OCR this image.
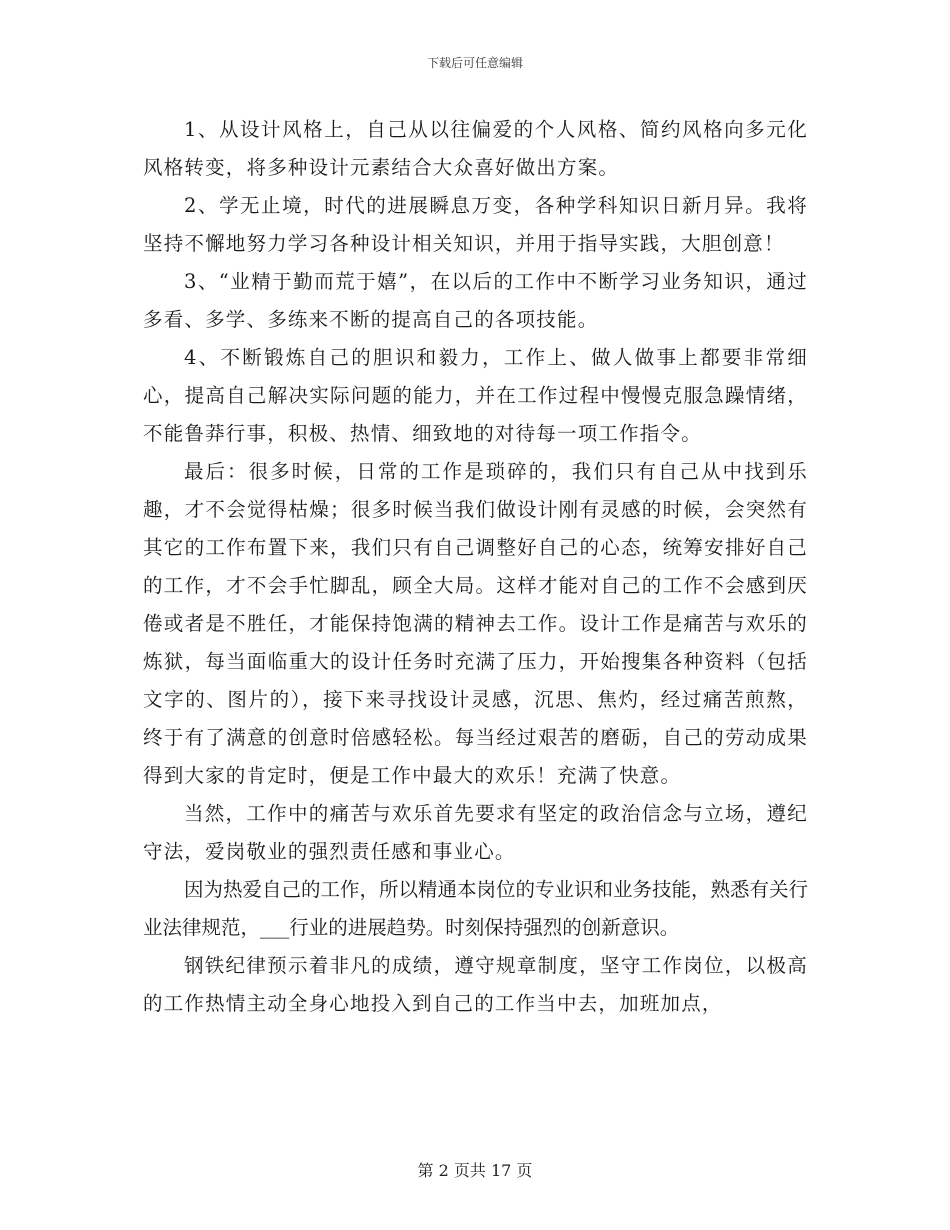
下载后可任意编辑

1、从设计风格上，自己从以往偏爱的个人风格、简约风格向多元化风格转变，将多种设计元素结合大众喜好做出方案。

2、学无止境，时代的进展瞬息万变，各种学科知识日新月异。我将坚持不懈地努力学习各种设计相关知识，并用于指导实践，大胆创意！

3、“业精于勤而荒于嬉”，在以后的工作中不断学习业务知识，通过多看、多学、多练来不断的提高自己的各项技能。

4、不断锻炼自己的胆识和毅力，工作上、做人做事上都要非常细心，提高自己解决实际问题的能力，并在工作过程中慢慢克服急躁情绪，不能鲁莽行事，积极、热情、细致地的对待每一项工作指令。

最后：很多时候，日常的工作是琐碎的，我们只有自己从中找到乐趣，才不会觉得枯燥；很多时候当我们做设计刚有灵感的时候，会突然有其它的工作布置下来，我们只有自己调整好自己的心态，统筹安排好自己的工作，才不会手忙脚乱，顾全大局。这样才能对自己的工作不会感到厌倦或者是不胜任，才能保持饱满的精神去工作。设计工作是痛苦与欢乐的炼狱，每当面临重大的设计任务时充满了压力，开始搜集各种资料（包括文字的、图片的），接下来寻找设计灵感，沉思、焦灼，经过痛苦煎熬，终于有了满意的创意时倍感轻松。每当经过艰苦的磨砺，自己的劳动成果得到大家的肯定时，便是工作中最大的欢乐！充满了快意。

当然，工作中的痛苦与欢乐首先要求有坚定的政治信念与立场，遵纪守法，爱岗敬业的强烈责任感和事业心。

因为热爱自己的工作，所以精通本岗位的专业识和业务技能，熟悉有关行业法律规范，___行业的进展趋势。时刻保持强烈的创新意识。

钢铁纪律预示着非凡的成绩，遵守规章制度，坚守工作岗位，以极高的工作热情主动全身心地投入到自己的工作当中去，加班加点，

第 2 页共 17 页
